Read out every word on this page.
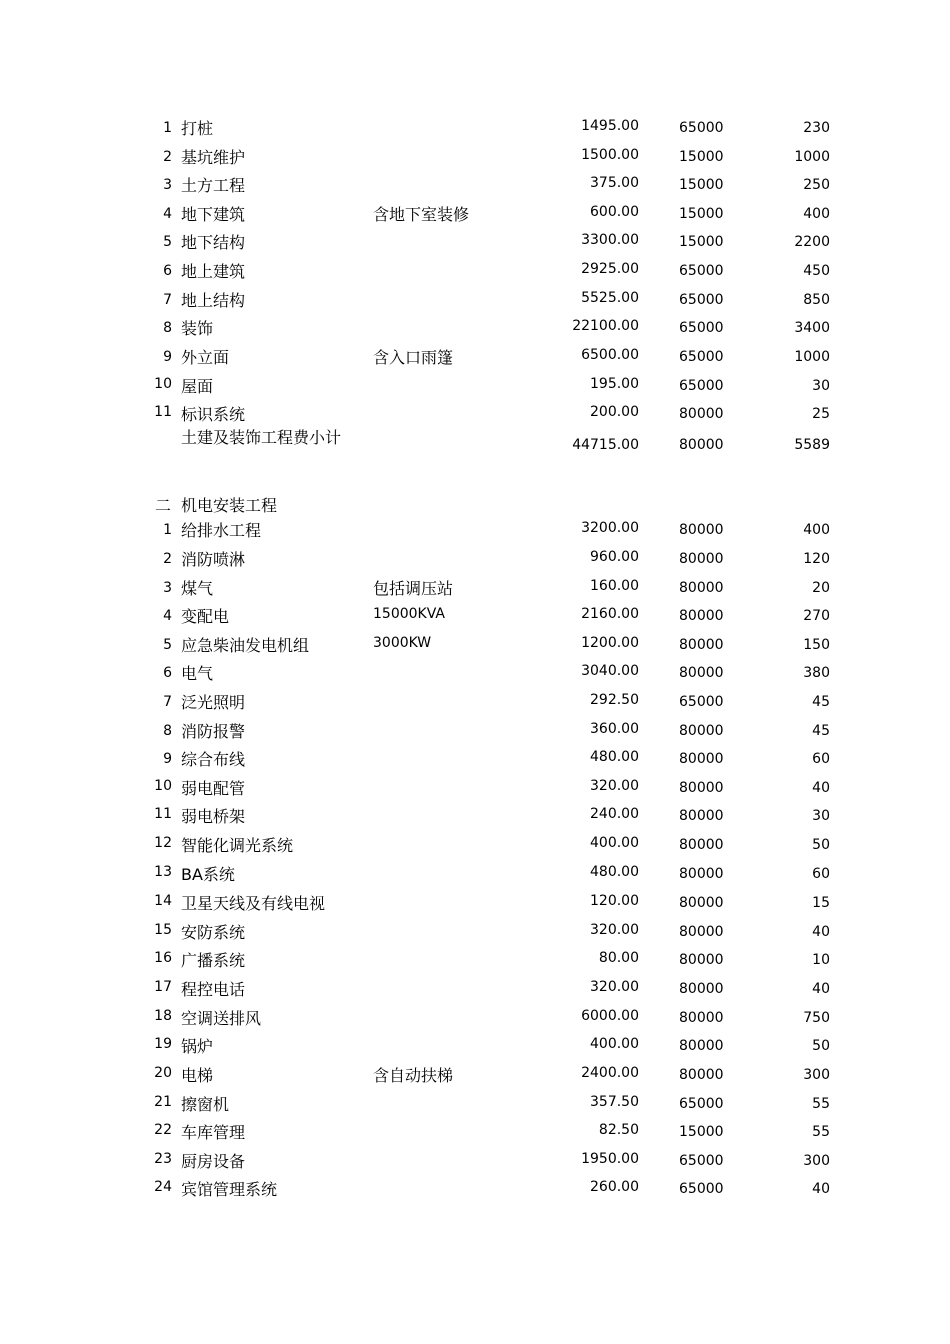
1 打桩	1495.00	65000	230
2 基坑维护	1500.00	15000	1000
3 土方工程	375.00	15000	250
4 地下建筑	含地下室装修	600.00	15000	400
5 地下结构	3300.00	15000	2200
6 地上建筑	2925.00	65000	450
7 地上结构	5525.00	65000	850
8 装饰	22100.00	65000	3400
9 外立面	含入口雨篷	6500.00	65000	1000
10 屋面	195.00	65000	30
11 标识系统	200.00	80000	25
土建及装饰工程费小计	44715.00	80000	5589
二 机电安装工程
1 给排水工程	3200.00	80000	400
2 消防喷淋	960.00	80000	120
3 煤气	包括调压站	160.00	80000	20
4 变配电	15000KVA	2160.00	80000	270
5 应急柴油发电机组	3000KW	1200.00	80000	150
6 电气	3040.00	80000	380
7 泛光照明	292.50	65000	45
8 消防报警	360.00	80000	45
9 综合布线	480.00	80000	60
10 弱电配管	320.00	80000	40
11 弱电桥架	240.00	80000	30
12 智能化调光系统	400.00	80000	50
13 BA系统	480.00	80000	60
14 卫星天线及有线电视	120.00	80000	15
15 安防系统	320.00	80000	40
16 广播系统	80.00	80000	10
17 程控电话	320.00	80000	40
18 空调送排风	6000.00	80000	750
19 锅炉	400.00	80000	50
20 电梯	含自动扶梯	2400.00	80000	300
21 擦窗机	357.50	65000	55
22 车库管理	82.50	15000	55
23 厨房设备	1950.00	65000	300
24 宾馆管理系统	260.00	65000	40
